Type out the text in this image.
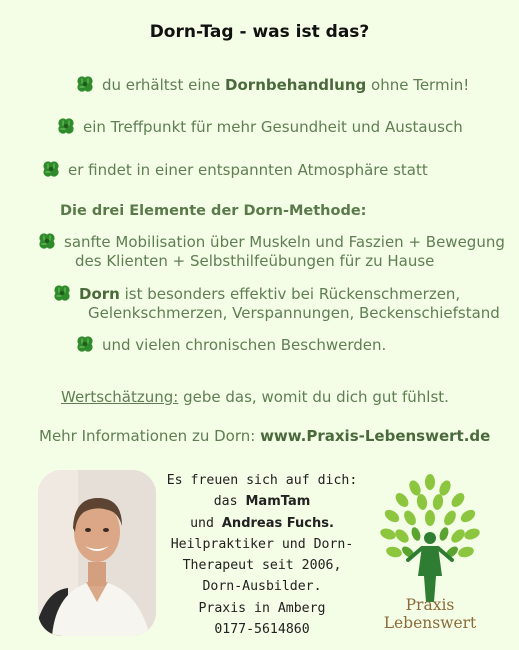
Dorn-Tag - was ist das?
du erhältst eine Dornbehandlung ohne Termin!
ein Treffpunkt für mehr Gesundheit und Austausch
er findet in einer entspannten Atmosphäre statt
Die drei Elemente der Dorn-Methode:
sanfte Mobilisation über Muskeln und Faszien + Bewegung
des Klienten + Selbsthilfeübungen für zu Hause
Dorn ist besonders effektiv bei Rückenschmerzen,
Gelenkschmerzen, Verspannungen, Beckenschiefstand
und vielen chronischen Beschwerden.
Wertschätzung: gebe das, womit du dich gut fühlst.
Mehr Informationen zu Dorn: www.Praxis-Lebenswert.de
Es freuen sich auf dich:
das MamTam
und Andreas Fuchs.
Heilpraktiker und Dorn-
Therapeut seit 2006,
Dorn-Ausbilder.
Praxis in Amberg
0177-5614860
Praxis
Lebenswert
